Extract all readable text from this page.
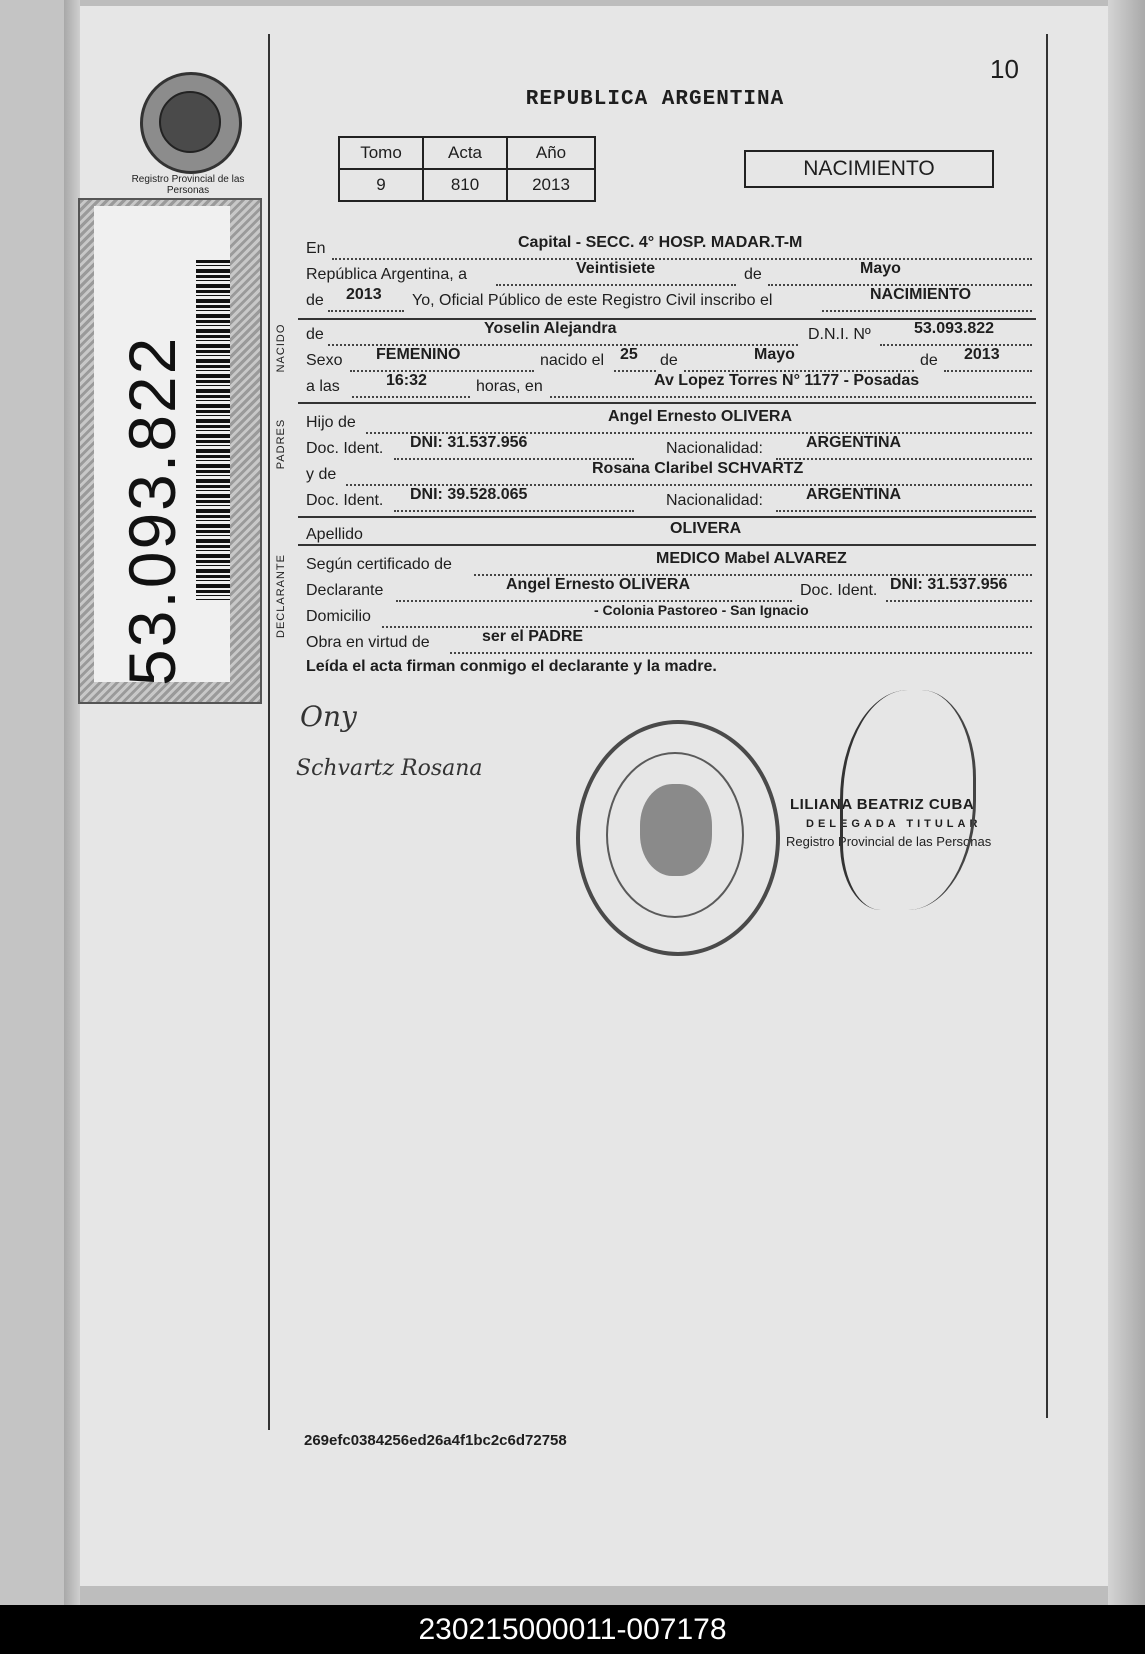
Registro Provincial de las Personas
53.093.822	NACIDO
PADRES
DECLARANTE
10
REPUBLICA ARGENTINA
Tomo	Acta	Año
9	810	2013
NACIMIENTO
En	Capital - SECC. 4° HOSP. MADAR.T-M
República Argentina, a	Veintisiete	de	Mayo
de 2013 Yo, Oficial Público de este Registro Civil inscribo el	NACIMIENTO
de	Yoselin Alejandra	D.N.I. Nº	53.093.822
Sexo FEMENINO	nacido el 25 de	Mayo	de 2013
a las	16:32	horas, en	Av Lopez Torres N° 1177 - Posadas
Hijo de	Angel Ernesto OLIVERA
Doc. Ident. DNI: 31.537.956	Nacionalidad:	ARGENTINA
y de	Rosana Claribel SCHVARTZ
Doc. Ident. DNI: 39.528.065	Nacionalidad:	ARGENTINA
Apellido	OLIVERA
Según certificado de	MEDICO Mabel ALVAREZ
Declarante	Angel Ernesto OLIVERA	Doc. Ident. DNI: 31.537.956
Domicilio	- Colonia Pastoreo - San Ignacio
Obra en virtud de	ser el PADRE
Leída el acta firman conmigo el declarante y la madre.
Ony
Schvartz Rosana
LILIANA BEATRIZ CUBA
DELEGADA TITULAR
Registro Provincial de las Personas
269efc0384256ed26a4f1bc2c6d72758
230215000011-007178
